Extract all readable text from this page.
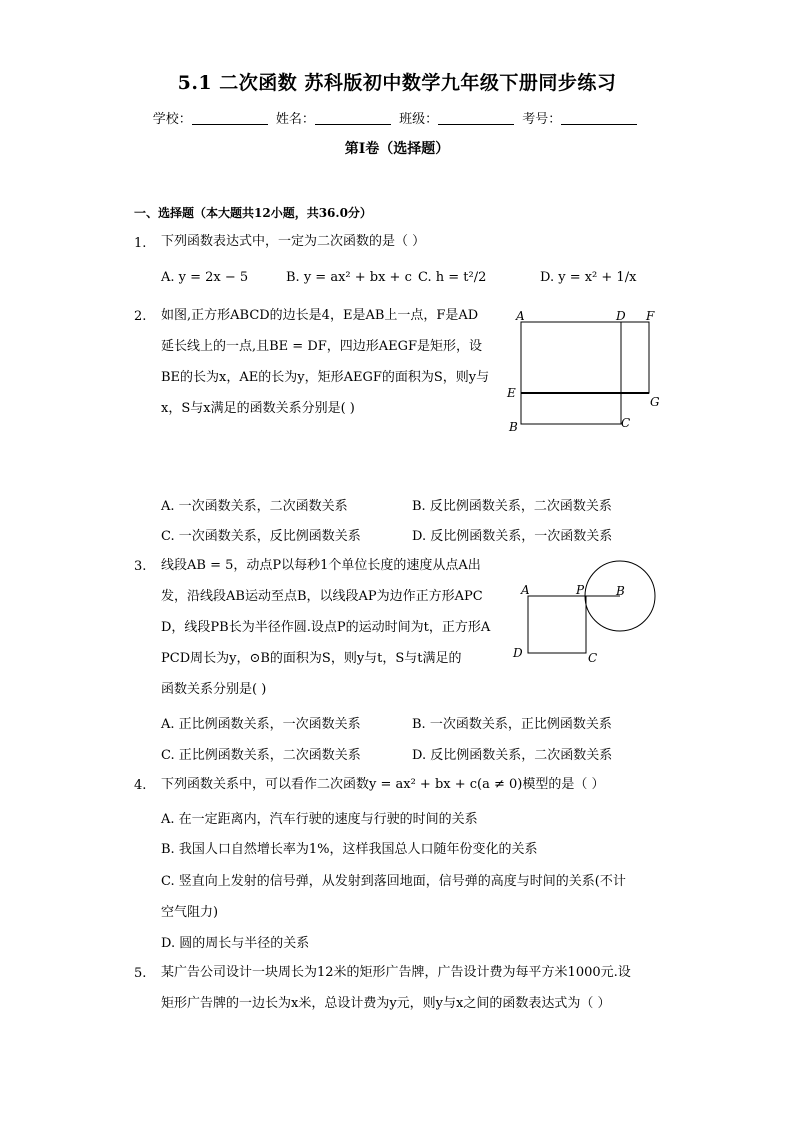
5.1 二次函数 苏科版初中数学九年级下册同步练习
学校：	姓名：	班级：	考号：
第I卷（选择题）
一、选择题（本大题共12小题，共36.0分）
1. 下列函数表达式中，一定为二次函数的是（ ）
A. y = 2x − 5	B. y = ax² + bx + c C. h = t²/2	D. y = x² + 1/x
2. 如图,正方形ABCD的边长是4，E是AB上一点，F是AD
延长线上的一点,且BE = DF，四边形AEGF是矩形，设
BE的长为x，AE的长为y，矩形AEGF的面积为S，则y与
x，S与x满足的函数关系分别是( )
A	D F
E
G
B	C
A. 一次函数关系，二次函数关系	B. 反比例函数关系，二次函数关系
C. 一次函数关系，反比例函数关系	D. 反比例函数关系，一次函数关系
3. 线段AB = 5，动点P以每秒1个单位长度的速度从点A出
发，沿线段AB运动至点B，以线段AP为边作正方形APC
D，线段PB长为半径作圆.设点P的运动时间为t，正方形A
PCD周长为y，⊙B的面积为S，则y与t，S与t满足的
函数关系分别是( )
A	P	B
D	C
A. 正比例函数关系，一次函数关系	B. 一次函数关系，正比例函数关系
C. 正比例函数关系，二次函数关系	D. 反比例函数关系，二次函数关系
4. 下列函数关系中，可以看作二次函数y = ax² + bx + c(a ≠ 0)模型的是（ ）
A. 在一定距离内，汽车行驶的速度与行驶的时间的关系
B. 我国人口自然增长率为1%，这样我国总人口随年份变化的关系
C. 竖直向上发射的信号弹，从发射到落回地面，信号弹的高度与时间的关系(不计
空气阻力)
D. 圆的周长与半径的关系
5. 某广告公司设计一块周长为12米的矩形广告牌，广告设计费为每平方米1000元.设
矩形广告牌的一边长为x米，总设计费为y元，则y与x之间的函数表达式为（ ）
